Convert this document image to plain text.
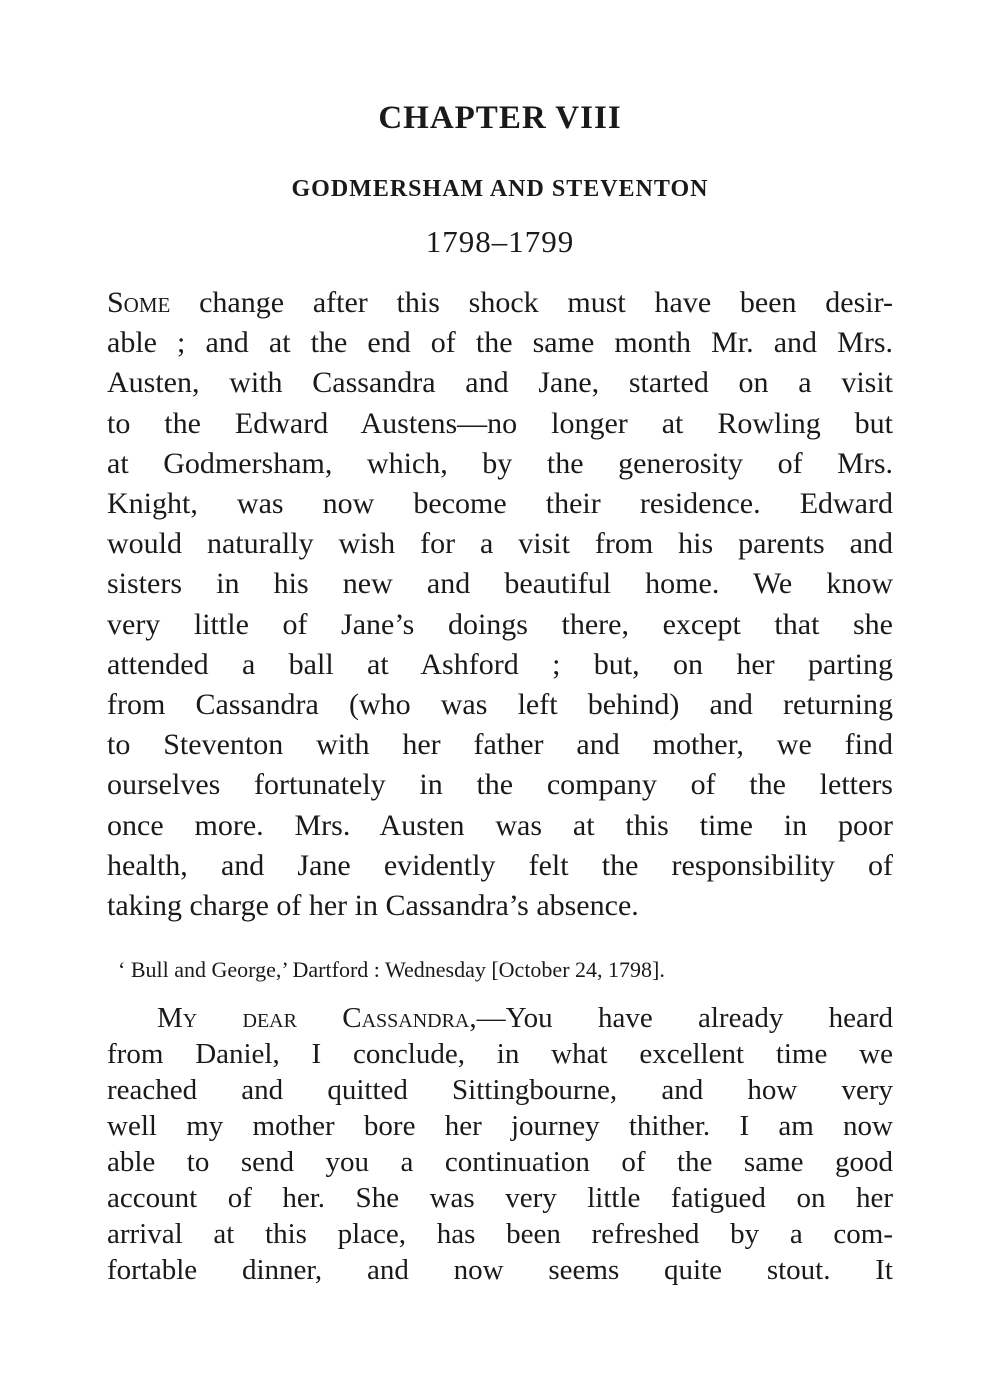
CHAPTER VIII
GODMERSHAM AND STEVENTON
1798–1799
Some change after this shock must have been desir-
able ; and at the end of the same month Mr. and Mrs.
Austen, with Cassandra and Jane, started on a visit
to the Edward Austens—no longer at Rowling but
at Godmersham, which, by the generosity of Mrs.
Knight, was now become their residence. Edward
would naturally wish for a visit from his parents and
sisters in his new and beautiful home. We know
very little of Jane’s doings there, except that she
attended a ball at Ashford ; but, on her parting
from Cassandra (who was left behind) and returning
to Steventon with her father and mother, we find
ourselves fortunately in the company of the letters
once more. Mrs. Austen was at this time in poor
health, and Jane evidently felt the responsibility of
taking charge of her in Cassandra’s absence.
‘ Bull and George,’ Dartford : Wednesday [October 24, 1798].
My dear Cassandra,—You have already heard
from Daniel, I conclude, in what excellent time we
reached and quitted Sittingbourne, and how very
well my mother bore her journey thither. I am now
able to send you a continuation of the same good
account of her. She was very little fatigued on her
arrival at this place, has been refreshed by a com-
fortable dinner, and now seems quite stout. It
